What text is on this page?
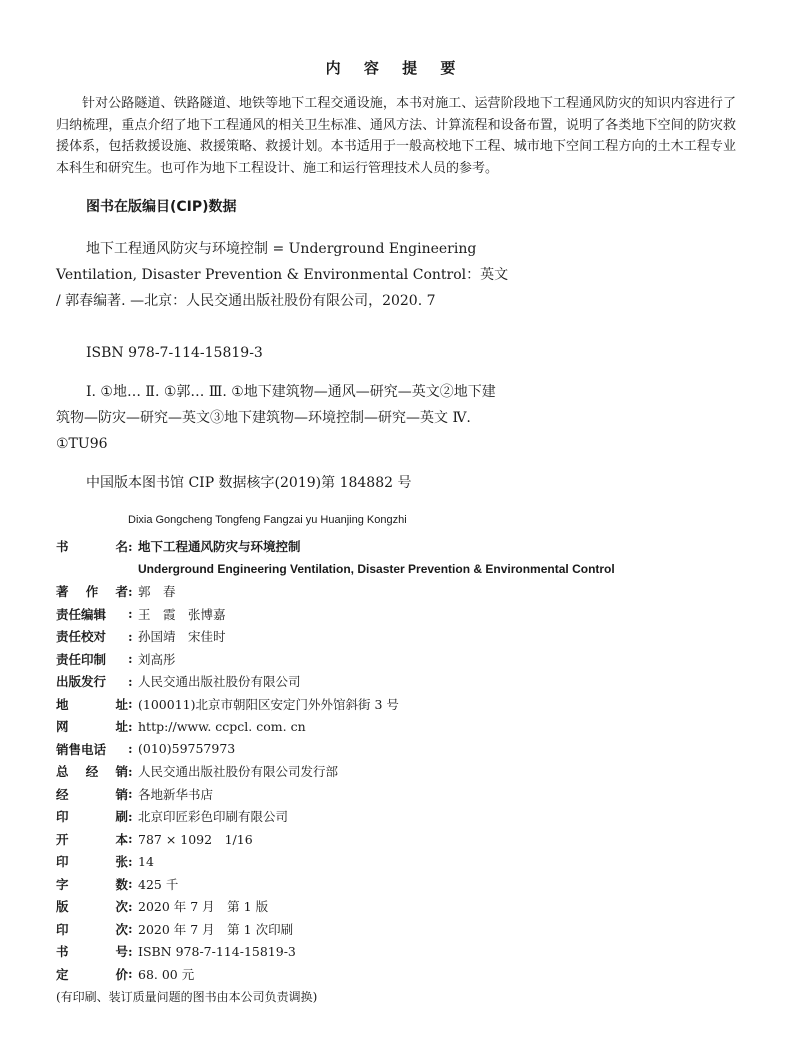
内 容 提 要

针对公路隧道、铁路隧道、地铁等地下工程交通设施，本书对施工、运营阶段地下工程通风防灾的知识内容进行了归纳梳理，重点介绍了地下工程通风的相关卫生标准、通风方法、计算流程和设备布置，说明了各类地下空间的防灾救援体系，包括救援设施、救援策略、救援计划。本书适用于一般高校地下工程、城市地下空间工程方向的土木工程专业本科生和研究生。也可作为地下工程设计、施工和运行管理技术人员的参考。

图书在版编目(CIP)数据
地下工程通风防灾与环境控制 = Underground Engineering Ventilation, Disaster Prevention & Environmental Control：英文 / 郭春编著. —北京：人民交通出版社股份有限公司，2020. 7
ISBN 978-7-114-15819-3
Ⅰ. ①地… Ⅱ. ①郭… Ⅲ. ①地下建筑物—通风—研究—英文②地下建筑物—防灾—研究—英文③地下建筑物—环境控制—研究—英文 Ⅳ. ①TU96
中国版本图书馆 CIP 数据核字(2019)第 184882 号
Dixia Gongcheng Tongfeng Fangzai yu Huanjing Kongzhi
书	名 : 地下工程通风防灾与环境控制
Underground Engineering Ventilation, Disaster Prevention & Environmental Control
著 作 者 : 郭　春
责任编辑	: 王　霞　张博嘉
责任校对	: 孙国靖　宋佳时
责任印制	: 刘高彤
出版发行	: 人民交通出版社股份有限公司
地	址 : (100011)北京市朝阳区安定门外外馆斜街 3 号
网	址 : http://www. ccpcl. com. cn
销售电话	: (010)59757973
总 经 销 : 人民交通出版社股份有限公司发行部
经	销 : 各地新华书店
印	刷 : 北京印匠彩色印刷有限公司
开	本 : 787 × 1092　1/16
印	张 : 14
字	数 : 425 千
版	次 : 2020 年 7 月　第 1 版
印	次 : 2020 年 7 月　第 1 次印刷
书	号 : ISBN 978-7-114-15819-3
定	价 : 68. 00 元
(有印刷、装订质量问题的图书由本公司负责调换)
